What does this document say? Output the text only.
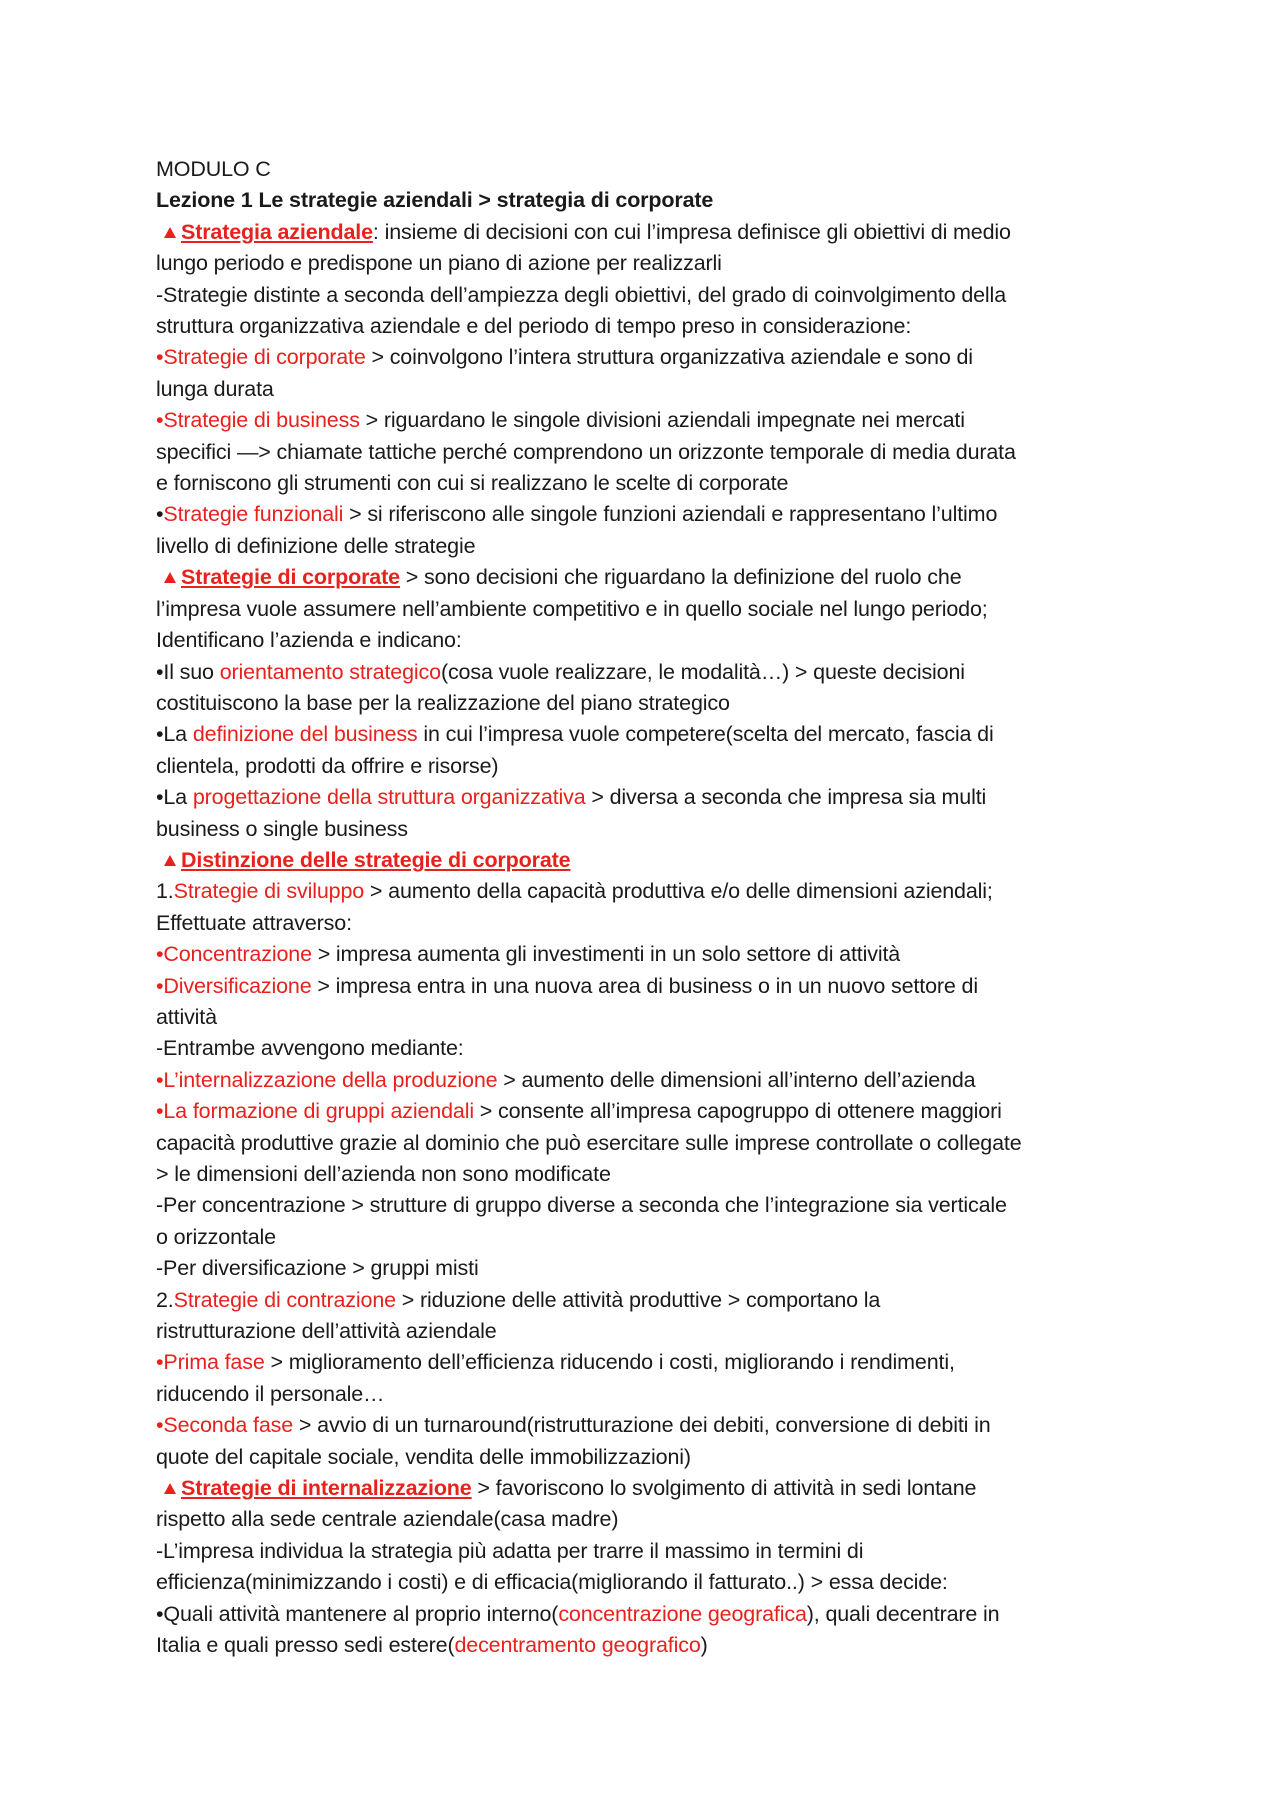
MODULO C

Lezione 1 Le strategie aziendali > strategia di corporate

Strategia aziendale: insieme di decisioni con cui l’impresa definisce gli obiettivi di medio

lungo periodo e predispone un piano di azione per realizzarli

-Strategie distinte a seconda dell’ampiezza degli obiettivi, del grado di coinvolgimento della

struttura organizzativa aziendale e del periodo di tempo preso in considerazione:

•Strategie di corporate > coinvolgono l’intera struttura organizzativa aziendale e sono di

lunga durata

•Strategie di business > riguardano le singole divisioni aziendali impegnate nei mercati

specifici —> chiamate tattiche perché comprendono un orizzonte temporale di media durata

e forniscono gli strumenti con cui si realizzano le scelte di corporate

•Strategie funzionali > si riferiscono alle singole funzioni aziendali e rappresentano l’ultimo

livello di definizione delle strategie

Strategie di corporate > sono decisioni che riguardano la definizione del ruolo che

l’impresa vuole assumere nell’ambiente competitivo e in quello sociale nel lungo periodo;

Identificano l’azienda e indicano:

•Il suo orientamento strategico(cosa vuole realizzare, le modalità…) > queste decisioni

costituiscono la base per la realizzazione del piano strategico

•La definizione del business in cui l’impresa vuole competere(scelta del mercato, fascia di

clientela, prodotti da offrire e risorse)

•La progettazione della struttura organizzativa > diversa a seconda che impresa sia multi

business o single business

Distinzione delle strategie di corporate

1.Strategie di sviluppo > aumento della capacità produttiva e/o delle dimensioni aziendali;

Effettuate attraverso:

•Concentrazione > impresa aumenta gli investimenti in un solo settore di attività

•Diversificazione > impresa entra in una nuova area di business o in un nuovo settore di

attività

-Entrambe avvengono mediante:

•L’internalizzazione della produzione > aumento delle dimensioni all’interno dell’azienda

•La formazione di gruppi aziendali > consente all’impresa capogruppo di ottenere maggiori

capacità produttive grazie al dominio che può esercitare sulle imprese controllate o collegate

> le dimensioni dell’azienda non sono modificate

-Per concentrazione > strutture di gruppo diverse a seconda che l’integrazione sia verticale

o orizzontale

-Per diversificazione > gruppi misti

2.Strategie di contrazione > riduzione delle attività produttive > comportano la

ristrutturazione dell’attività aziendale

•Prima fase > miglioramento dell’efficienza riducendo i costi, migliorando i rendimenti,

riducendo il personale…

•Seconda fase > avvio di un turnaround(ristrutturazione dei debiti, conversione di debiti in

quote del capitale sociale, vendita delle immobilizzazioni)

Strategie di internalizzazione > favoriscono lo svolgimento di attività in sedi lontane

rispetto alla sede centrale aziendale(casa madre)

-L’impresa individua la strategia più adatta per trarre il massimo in termini di

efficienza(minimizzando i costi) e di efficacia(migliorando il fatturato..) > essa decide:

•Quali attività mantenere al proprio interno(concentrazione geografica), quali decentrare in

Italia e quali presso sedi estere(decentramento geografico)
